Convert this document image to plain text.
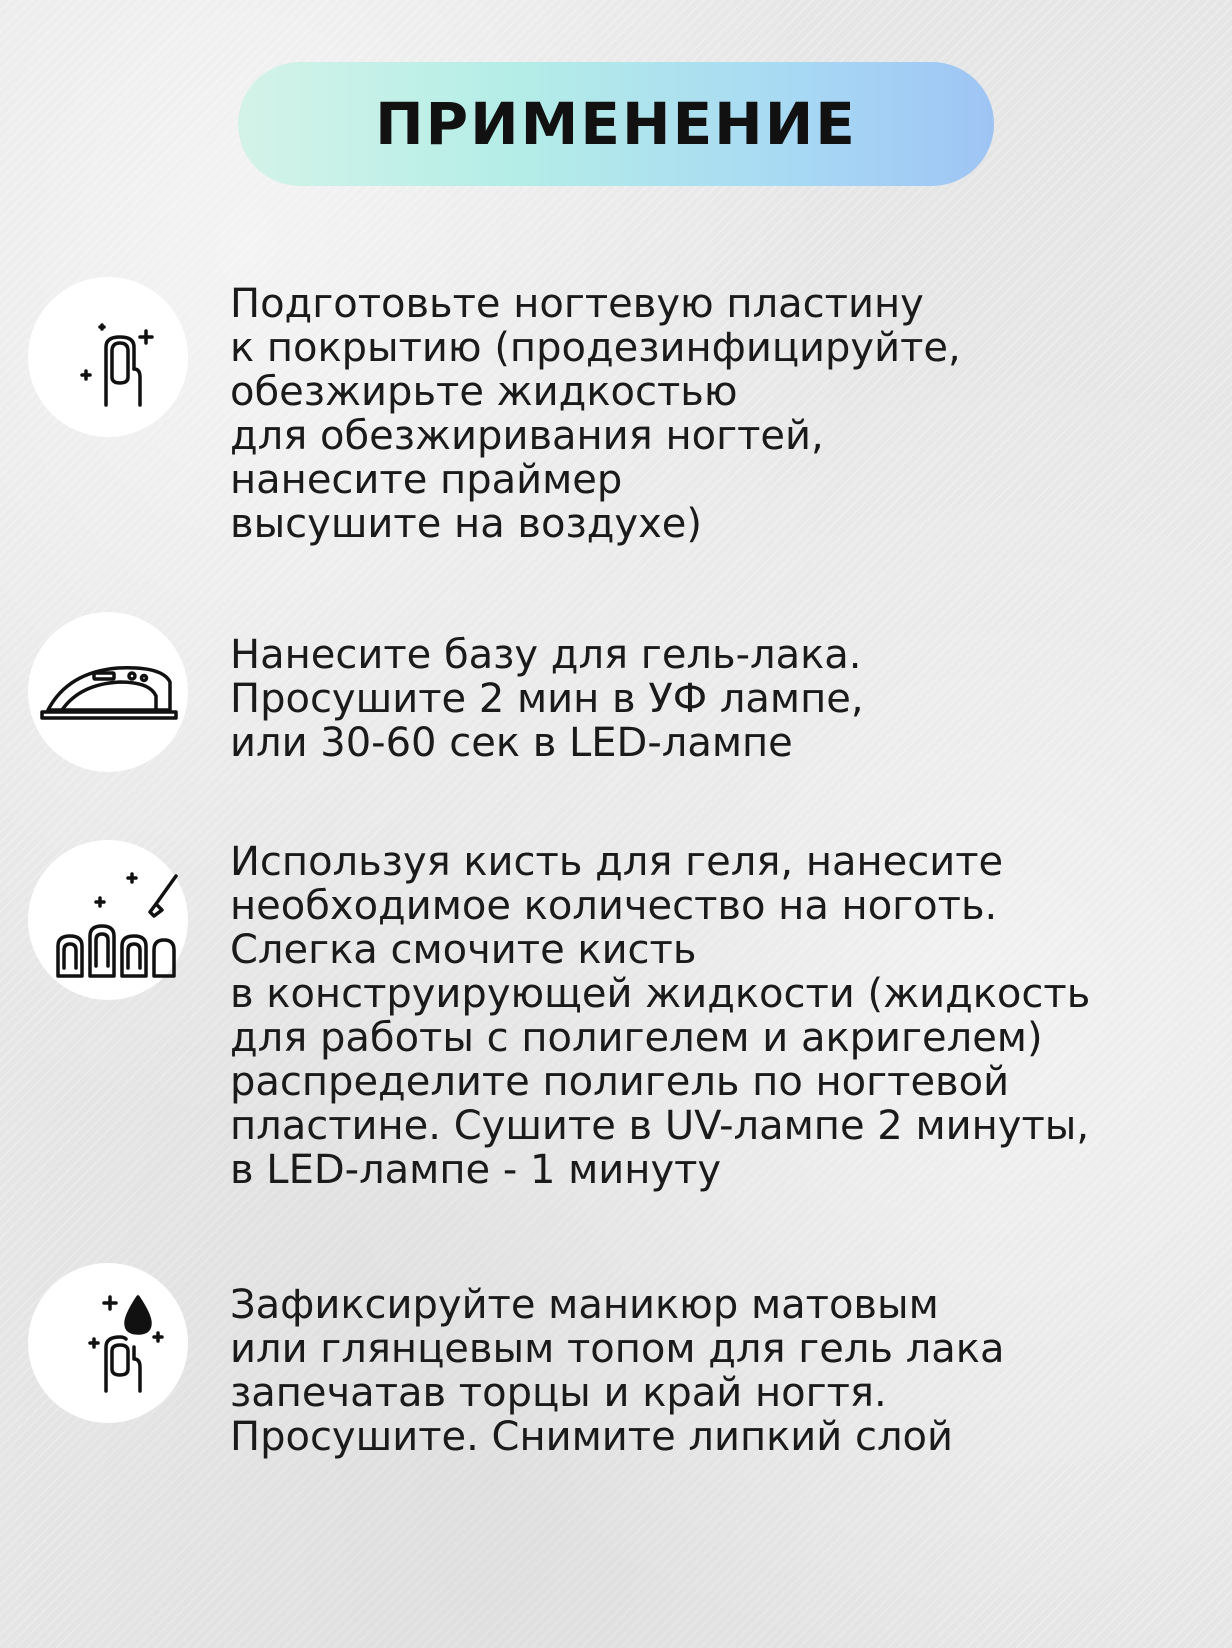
ПРИМЕНЕНИЕ
Подготовьте ногтевую пластину
к покрытию (продезинфицируйте,
обезжирьте жидкостью
для обезжиривания ногтей,
нанесите праймер
высушите на воздухе)
Нанесите базу для гель-лака.
Просушите 2 мин в УФ лампе,
или 30-60 сек в LED-лампе
Используя кисть для геля, нанесите
необходимое количество на ноготь.
Слегка смочите кисть
в конструирующей жидкости (жидкость
для работы с полигелем и акригелем)
распределите полигель по ногтевой
пластине. Сушите в UV-лампе 2 минуты,
в LED-лампе - 1 минуту
Зафиксируйте маникюр матовым
или глянцевым топом для гель лака
запечатав торцы и край ногтя.
Просушите. Снимите липкий слой
